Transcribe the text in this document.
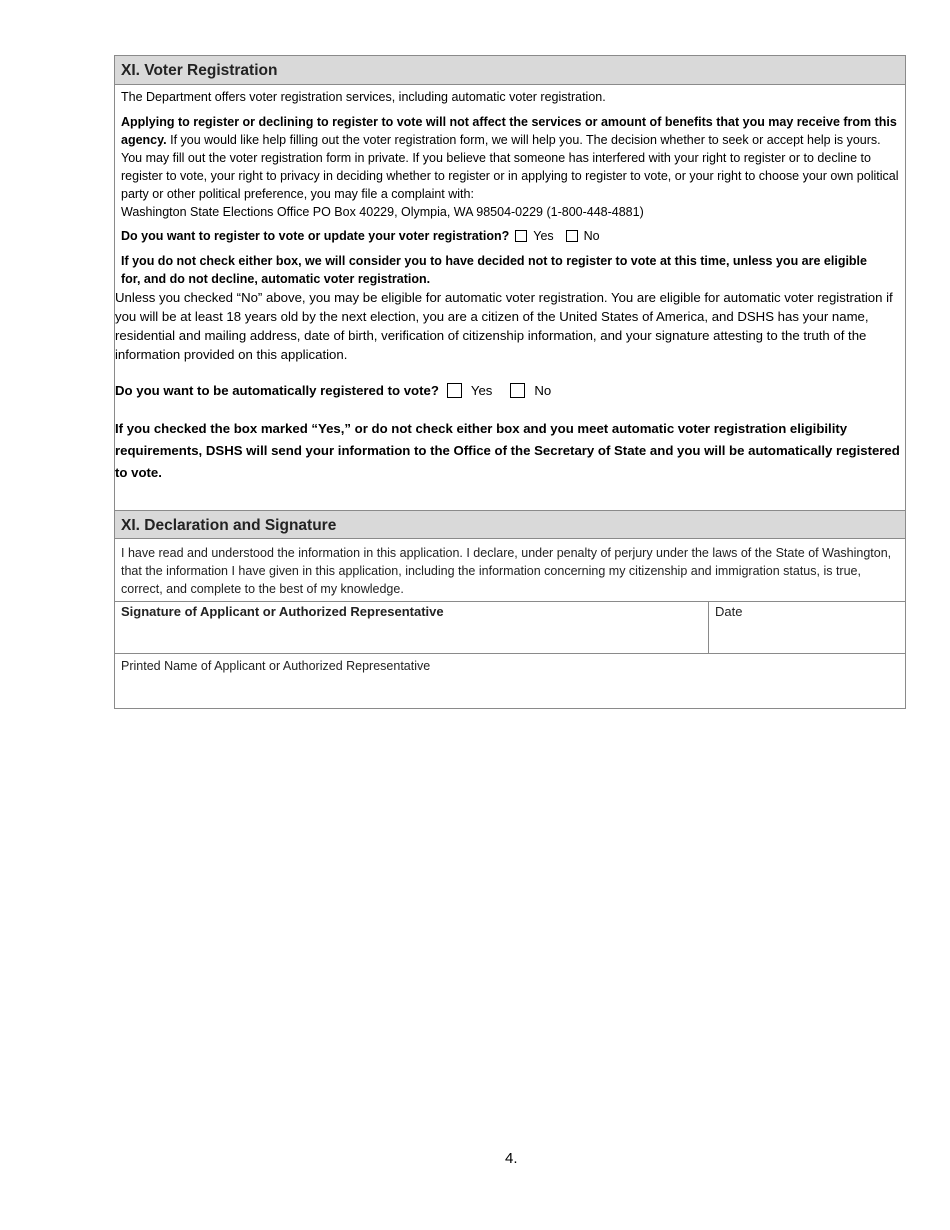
XI. Voter Registration

The Department offers voter registration services, including automatic voter registration.

Applying to register or declining to register to vote will not affect the services or amount of benefits that you may receive from this agency. If you would like help filling out the voter registration form, we will help you. The decision whether to seek or accept help is yours. You may fill out the voter registration form in private. If you believe that someone has interfered with your right to register or to decline to register to vote, your right to privacy in deciding whether to register or in applying to register to vote, or your right to choose your own political party or other political preference, you may file a complaint with:

Washington State Elections Office PO Box 40229, Olympia, WA 98504-0229 (1-800-448-4881)

Do you want to register to vote or update your voter registration? Yes No
If you do not check either box, we will consider you to have decided not to register to vote at this time, unless you are eligible
for, and do not decline, automatic voter registration.

Unless you checked “No” above, you may be eligible for automatic voter registration. You are eligible for automatic voter registration if you will be at least 18 years old by the next election, you are a citizen of the United States of America, and DSHS has your name, residential and mailing address, date of birth, verification of citizenship information, and your signature attesting to the truth of the information provided on this application.

Do you want to be automatically registered to vote? Yes	No
If you checked the box marked “Yes,” or do not check either box and you meet automatic voter registration eligibility requirements, DSHS will send your information to the Office of the Secretary of State and you will be automatically registered to vote.
XI. Declaration and Signature

I have read and understood the information in this application. I declare, under penalty of perjury under the laws of the State of Washington, that the information I have given in this application, including the information concerning my citizenship and immigration status, is true, correct, and complete to the best of my knowledge.

Signature of Applicant or Authorized Representative	Date
Printed Name of Applicant or Authorized Representative
4.
